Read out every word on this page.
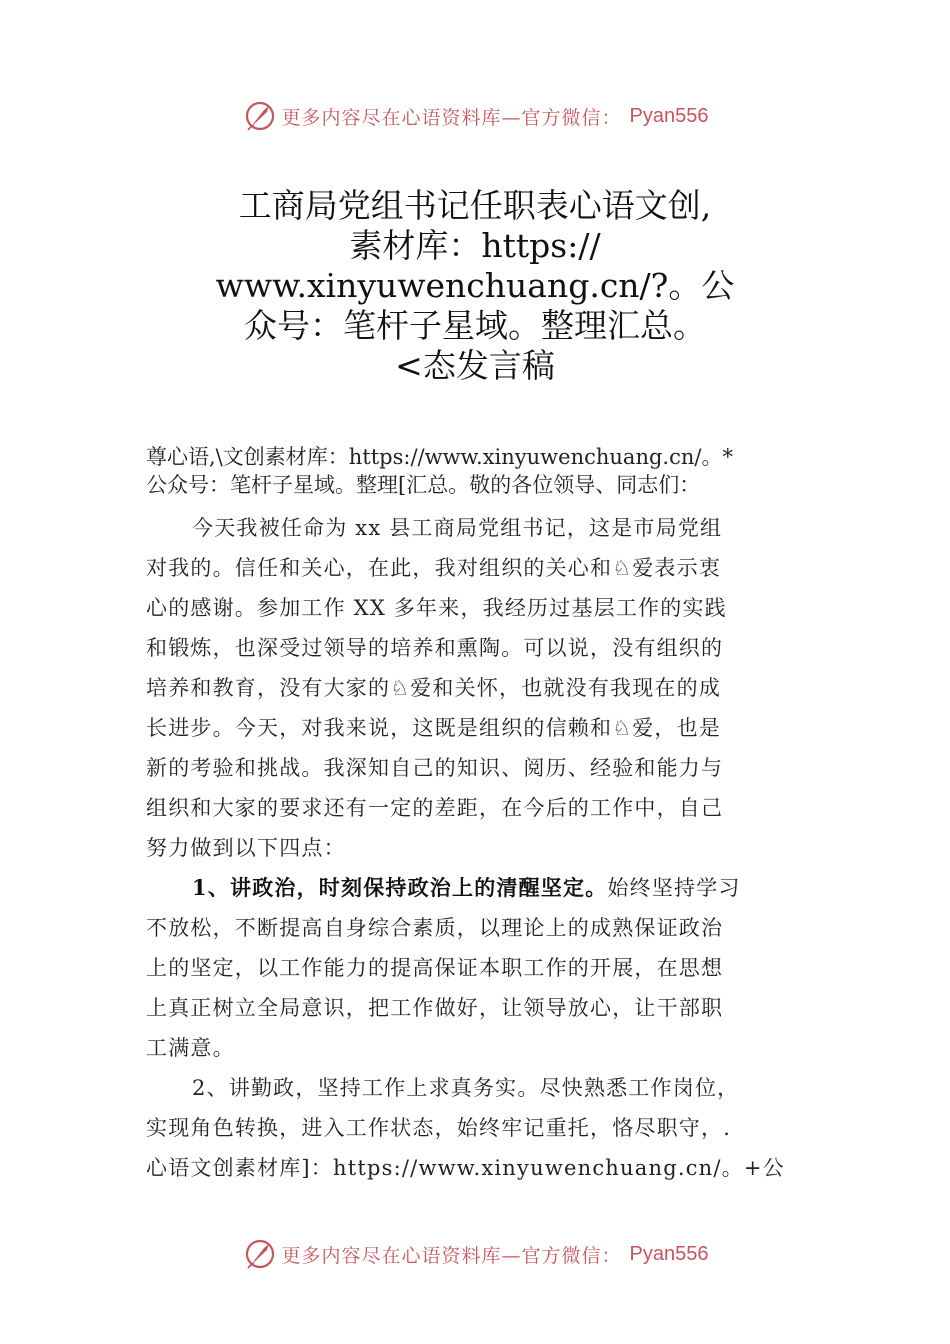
更多内容尽在心语资料库—官方微信： Pyan556
工商局党组书记任职表心语文创,
素材库：https://
www.xinyuwenchuang.cn/?。公
众号：笔杆子星域。整理汇总。
<态发言稿
尊心语,\文创素材库：https://www.xinyuwenchuang.cn/。*
公众号：笔杆子星域。整理[汇总。敬的各位领导、同志们：
今天我被任命为 xx 县工商局党组书记，这是市局党组
对我的。信任和关心，在此，我对组织的关心和♘爱表示衷
心的感谢。参加工作 XX 多年来，我经历过基层工作的实践
和锻炼，也深受过领导的培养和熏陶。可以说，没有组织的
培养和教育，没有大家的♘爱和关怀，也就没有我现在的成
长进步。今天，对我来说，这既是组织的信赖和♘爱，也是
新的考验和挑战。我深知自己的知识、阅历、经验和能力与
组织和大家的要求还有一定的差距，在今后的工作中，自己
努力做到以下四点：
1、讲政治，时刻保持政治上的清醒坚定。始终坚持学习
不放松，不断提高自身综合素质，以理论上的成熟保证政治
上的坚定，以工作能力的提高保证本职工作的开展，在思想
上真正树立全局意识，把工作做好，让领导放心，让干部职
工满意。
2、讲勤政，坚持工作上求真务实。尽快熟悉工作岗位，
实现角色转换，进入工作状态，始终牢记重托，恪尽职守，.
心语文创素材库]：https://www.xinyuwenchuang.cn/。+公
更多内容尽在心语资料库—官方微信： Pyan556
